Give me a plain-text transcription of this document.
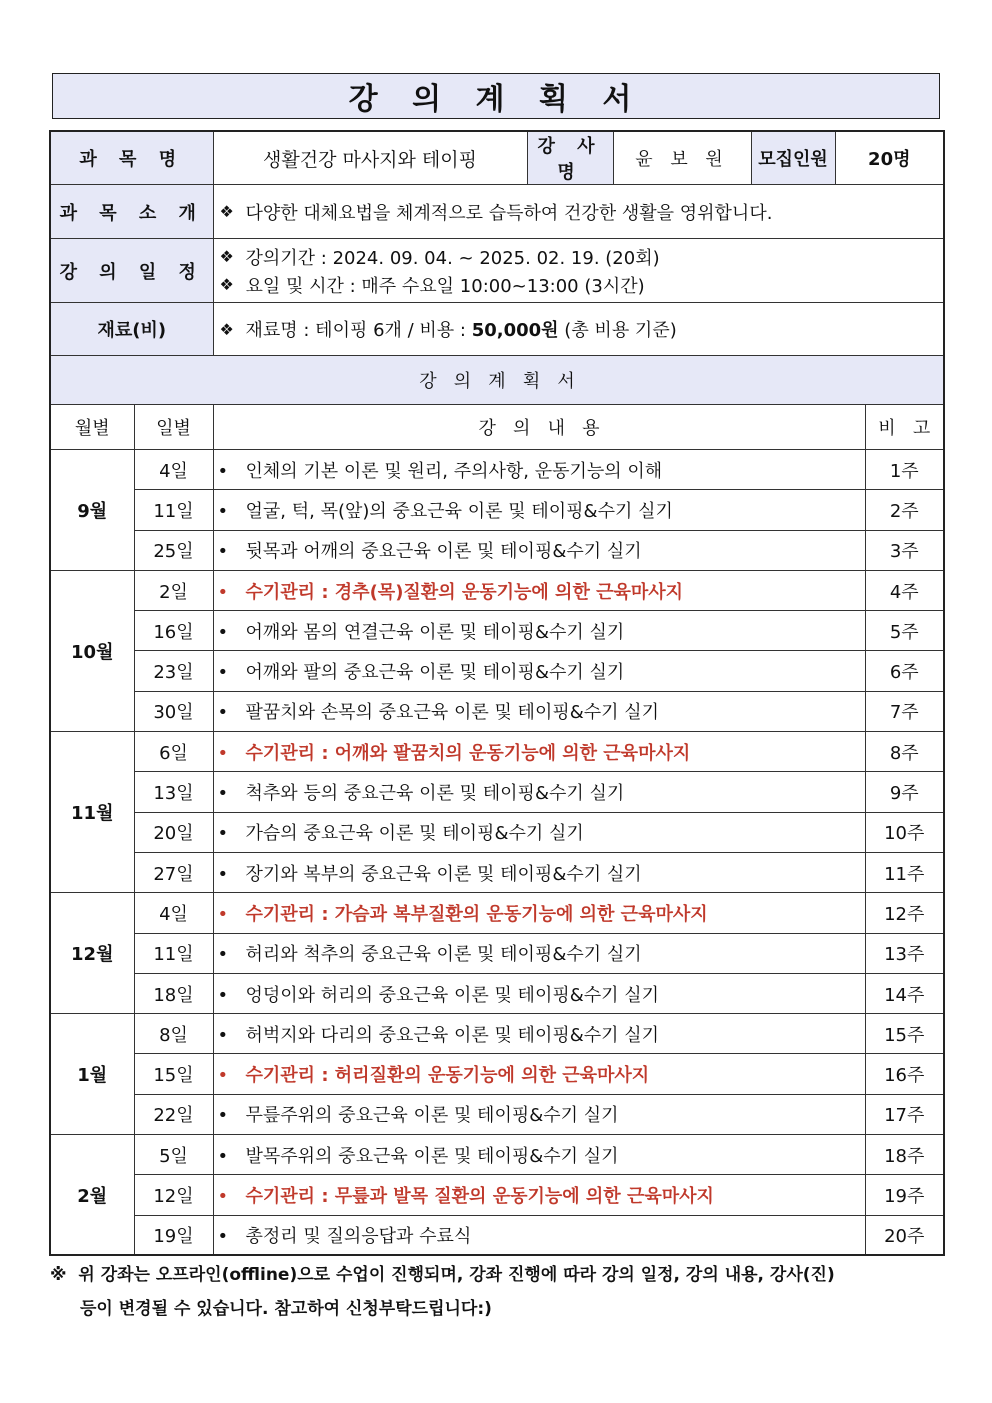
강 의 계 획 서
과 목 명		생활건강 마사지와 테이핑	강 사 명	윤 보 원	모집인원	20명	
과 목 소 개		❖ 다양한 대체요법을 체계적으로 습득하여 건강한 생활을 영위합니다.					

강 의 일 정		❖ 강의기간 : 2024. 09. 04. ~ 2025. 02. 19. (20회)
❖ 요일 및 시간 : 매주 수요일 10:00~13:00 (3시간)					

재료(비)		❖ 재료명 : 테이핑 6개 / 비용 : 50,000원 (총 비용 기준)					

강   의   계   획   서							
월별	일별	강   의   내   용					비   고
9월	4일	• 인체의 기본 이론 및 원리, 주의사항, 운동기능의 이해					1주
	11일	• 얼굴, 턱, 목(앞)의 중요근육 이론 및 테이핑&수기 실기					2주
	25일	• 뒷목과 어깨의 중요근육 이론 및 테이핑&수기 실기					3주
10월	2일	• 수기관리 : 경추(목)질환의 운동기능에 의한 근육마사지					4주
	16일	• 어깨와 몸의 연결근육 이론 및 테이핑&수기 실기					5주
	23일	• 어깨와 팔의 중요근육 이론 및 테이핑&수기 실기					6주
	30일	• 팔꿈치와 손목의 중요근육 이론 및 테이핑&수기 실기					7주
11월	6일	• 수기관리 : 어깨와 팔꿈치의 운동기능에 의한 근육마사지					8주
	13일	• 척추와 등의 중요근육 이론 및 테이핑&수기 실기					9주
	20일	• 가슴의 중요근육 이론 및 테이핑&수기 실기					10주
	27일	• 장기와 복부의 중요근육 이론 및 테이핑&수기 실기					11주
12월	4일	• 수기관리 : 가슴과 복부질환의 운동기능에 의한 근육마사지					12주
	11일	• 허리와 척추의 중요근육 이론 및 테이핑&수기 실기					13주
	18일	• 엉덩이와 허리의 중요근육 이론 및 테이핑&수기 실기					14주
1월	8일	• 허벅지와 다리의 중요근육 이론 및 테이핑&수기 실기					15주
	15일	• 수기관리 : 허리질환의 운동기능에 의한 근육마사지					16주
	22일	• 무릎주위의 중요근육 이론 및 테이핑&수기 실기					17주
2월	5일	• 발목주위의 중요근육 이론 및 테이핑&수기 실기					18주
	12일	• 수기관리 : 무릎과 발목 질환의 운동기능에 의한 근육마사지					19주
	19일	• 총정리 및 질의응답과 수료식					20주
※  위 강좌는 오프라인(offline)으로 수업이 진행되며, 강좌 진행에 따라 강의 일정, 강의 내용, 강사(진)
등이 변경될 수 있습니다. 참고하여 신청부탁드립니다:)
